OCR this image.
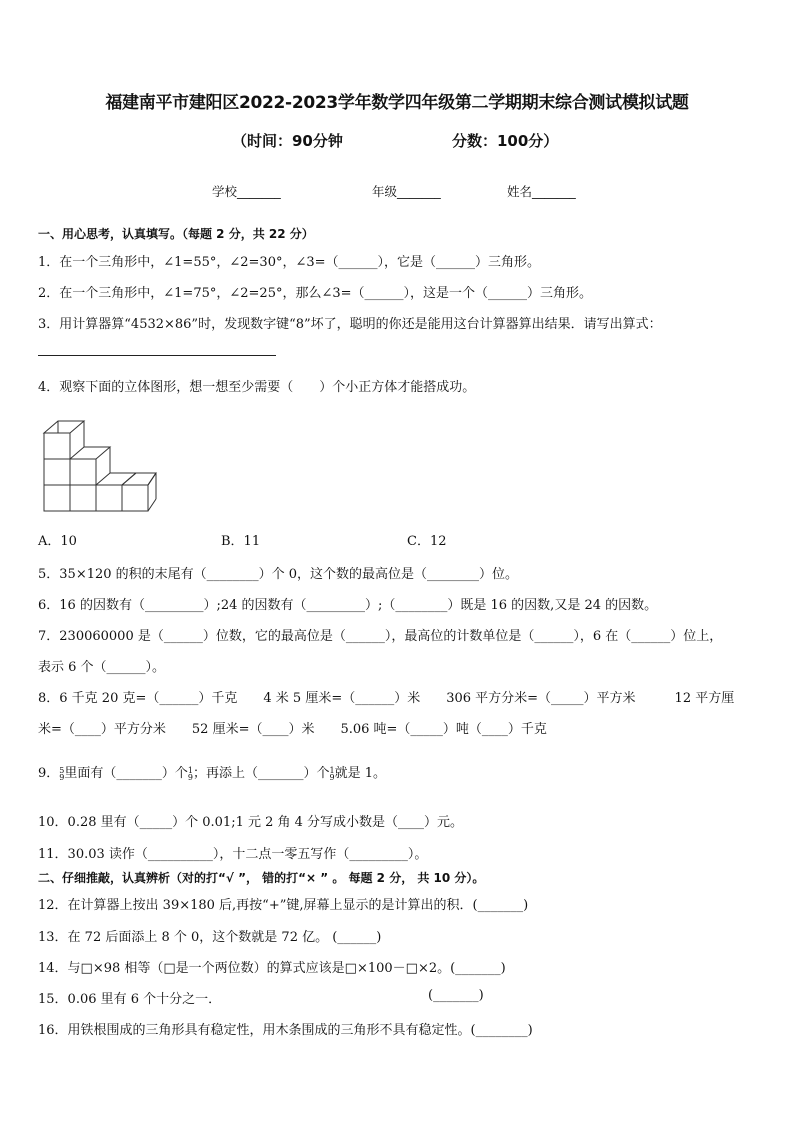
福建南平市建阳区2022-2023学年数学四年级第二学期期末综合测试模拟试题
（时间：90分钟	分数：100分）
学校_______	年级_______	姓名_______
一、用心思考，认真填写。（每题 2 分，共 22 分）
1．在一个三角形中，∠1=55°，∠2=30°，∠3=（______），它是（______）三角形。
2．在一个三角形中，∠1=75°，∠2=25°，那么∠3=（______），这是一个（______）三角形。
3．用计算器算“4532×86”时，发现数字键“8”坏了，聪明的你还是能用这台计算器算出结果．请写出算式：
4．观察下面的立体图形，想一想至少需要（　　）个小正方体才能搭成功。
A．10	B．11	C．12
5．35×120 的积的末尾有（________）个 0，这个数的最高位是（________）位。
6．16 的因数有（_________）;24 的因数有（_________）;（________）既是 16 的因数,又是 24 的因数。
7．230060000 是（______）位数，它的最高位是（______），最高位的计数单位是（______），6 在（______）位上，
表示 6 个（______）。
8．6 千克 20 克=（______）千克　　4 米 5 厘米=（______）米　　306 平方分米=（_____）平方米　　　12 平方厘
米=（____）平方分米　　52 厘米=（____）米　　5.06 吨=（_____）吨（____）千克
9． 5
9 里面有（_______）个 1
9 ；再添上（_______）个 1
9 就是 1。
10．0.28 里有（_____）个 0.01;1 元 2 角 4 分写成小数是（____）元。
11．30.03 读作（__________），十二点一零五写作（_________）。
二、仔细推敲，认真辨析（对的打“√ ”， 错的打“× ” 。 每题 2 分， 共 10 分）。
12．在计算器上按出 39×180 后,再按“+”键,屏幕上显示的是计算出的积．(_______)
13．在 72 后面添上 8 个 0，这个数就是 72 亿。 (______)
14．与□×98 相等（□是一个两位数）的算式应该是□×100－□×2。(_______)
15．0.06 里有 6 个十分之一．	(_______)
16．用铁根围成的三角形具有稳定性，用木条围成的三角形不具有稳定性。(________)
